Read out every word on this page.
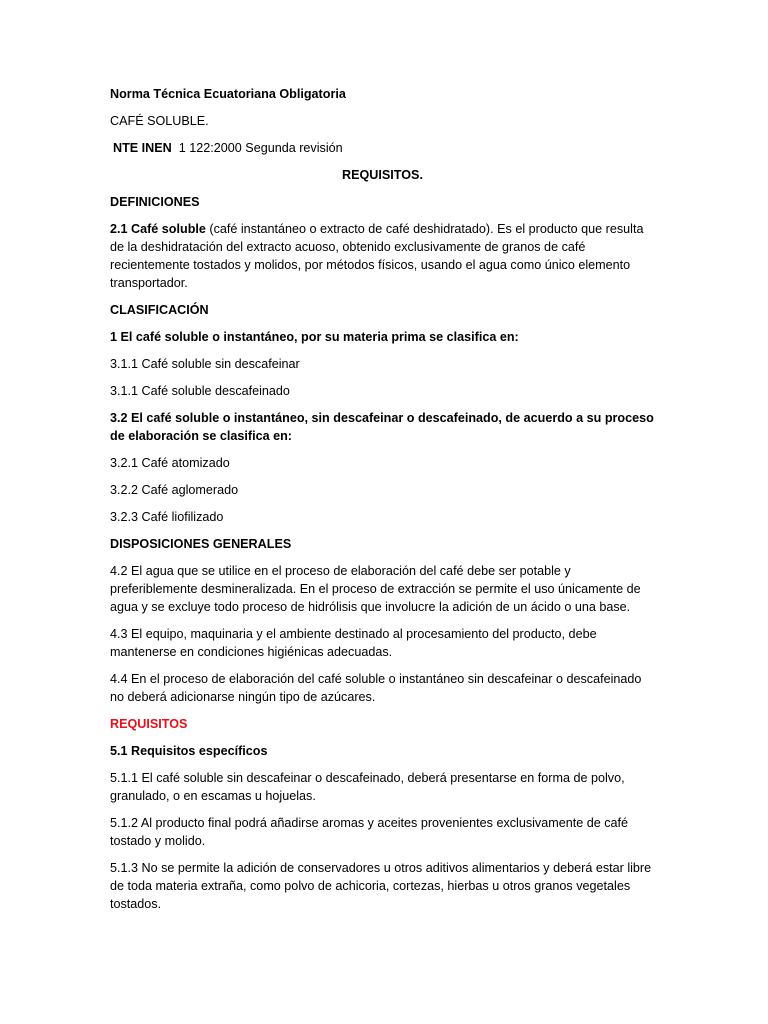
Norma Técnica Ecuatoriana Obligatoria

CAFÉ SOLUBLE.

NTE INEN 1 122:2000 Segunda revisión

REQUISITOS.

DEFINICIONES

2.1 Café soluble (café instantáneo o extracto de café deshidratado). Es el producto que resulta de la deshidratación del extracto acuoso, obtenido exclusivamente de granos de café recientemente tostados y molidos, por métodos físicos, usando el agua como único elemento transportador.

CLASIFICACIÓN

1 El café soluble o instantáneo, por su materia prima se clasifica en:

3.1.1 Café soluble sin descafeinar

3.1.1 Café soluble descafeinado

3.2 El café soluble o instantáneo, sin descafeinar o descafeinado, de acuerdo a su proceso de elaboración se clasifica en:

3.2.1 Café atomizado

3.2.2 Café aglomerado

3.2.3 Café liofilizado

DISPOSICIONES GENERALES

4.2 El agua que se utilice en el proceso de elaboración del café debe ser potable y preferiblemente desmineralizada. En el proceso de extracción se permite el uso únicamente de agua y se excluye todo proceso de hidrólisis que involucre la adición de un ácido o una base.

4.3 El equipo, maquinaria y el ambiente destinado al procesamiento del producto, debe mantenerse en condiciones higiénicas adecuadas.

4.4 En el proceso de elaboración del café soluble o instantáneo sin descafeinar o descafeinado no deberá adicionarse ningún tipo de azúcares.

REQUISITOS

5.1 Requisitos específicos

5.1.1 El café soluble sin descafeinar o descafeinado, deberá presentarse en forma de polvo, granulado, o en escamas u hojuelas.

5.1.2 Al producto final podrá añadirse aromas y aceites provenientes exclusivamente de café tostado y molido.

5.1.3 No se permite la adición de conservadores u otros aditivos alimentarios y deberá estar libre de toda materia extraña, como polvo de achicoria, cortezas, hierbas u otros granos vegetales tostados.
